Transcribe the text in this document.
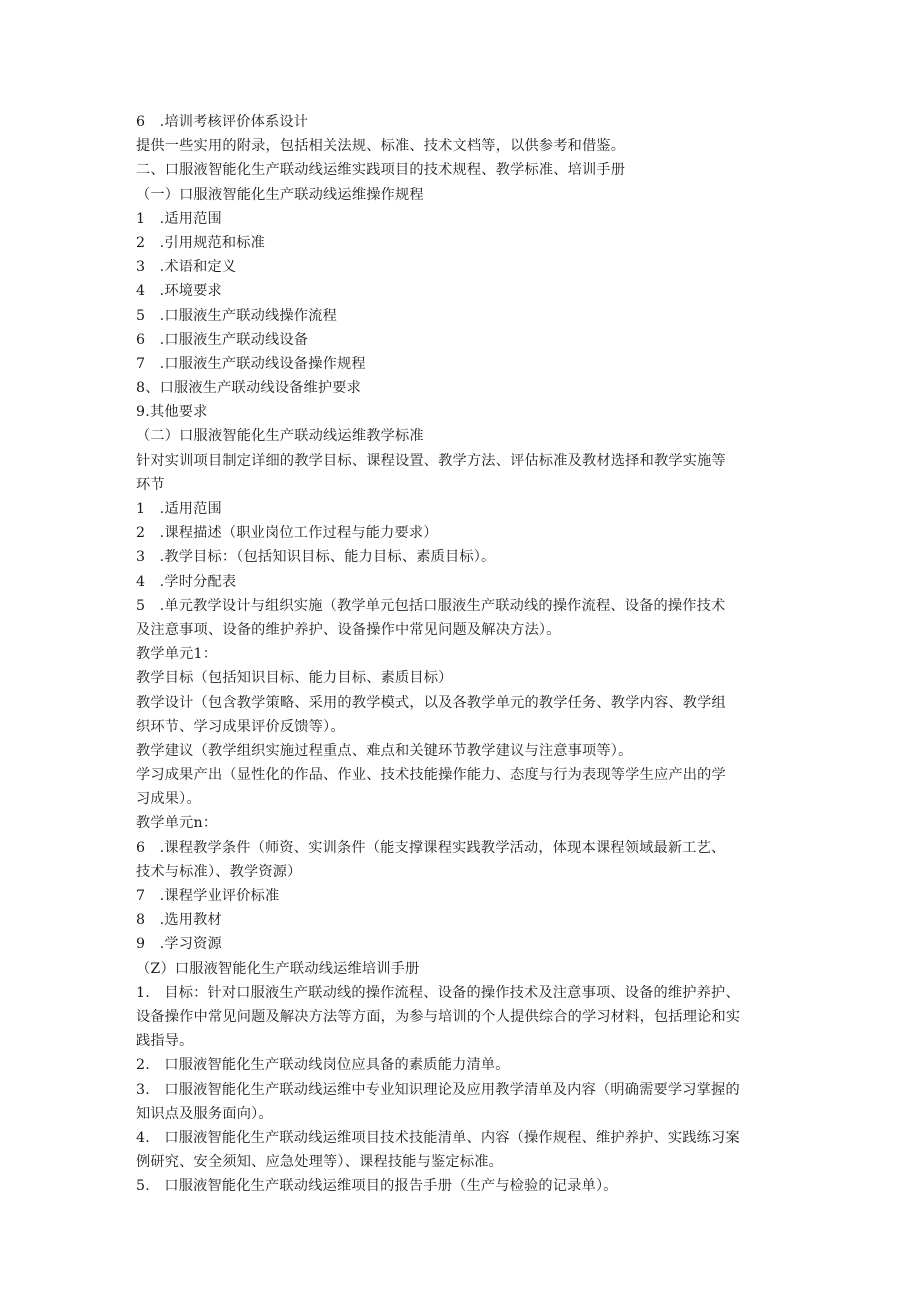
6　.培训考核评价体系设计
提供一些实用的附录，包括相关法规、标准、技术文档等，以供参考和借鉴。
二、口服液智能化生产联动线运维实践项目的技术规程、教学标准、培训手册
（一）口服液智能化生产联动线运维操作规程
1　.适用范围
2　.引用规范和标准
3　.术语和定义
4　.环境要求
5　.口服液生产联动线操作流程
6　.口服液生产联动线设备
7　.口服液生产联动线设备操作规程
8、口服液生产联动线设备维护要求
9.其他要求
（二）口服液智能化生产联动线运维教学标准
针对实训项目制定详细的教学目标、课程设置、教学方法、评估标准及教材选择和教学实施等
环节
1　.适用范围
2　.课程描述（职业岗位工作过程与能力要求）
3　.教学目标：（包括知识目标、能力目标、素质目标）。
4　.学时分配表
5　.单元教学设计与组织实施（教学单元包括口服液生产联动线的操作流程、设备的操作技术
及注意事项、设备的维护养护、设备操作中常见问题及解决方法）。
教学单元1：
教学目标（包括知识目标、能力目标、素质目标）
教学设计（包含教学策略、采用的教学模式，以及各教学单元的教学任务、教学内容、教学组
织环节、学习成果评价反馈等）。
教学建议（教学组织实施过程重点、难点和关键环节教学建议与注意事项等）。
学习成果产出（显性化的作品、作业、技术技能操作能力、态度与行为表现等学生应产出的学
习成果）。
教学单元n：
6　.课程教学条件（师资、实训条件（能支撑课程实践教学活动，体现本课程领域最新工艺、
技术与标准）、教学资源）
7　.课程学业评价标准
8　.选用教材
9　.学习资源
（Z）口服液智能化生产联动线运维培训手册
1.　目标：针对口服液生产联动线的操作流程、设备的操作技术及注意事项、设备的维护养护、
设备操作中常见问题及解决方法等方面，为参与培训的个人提供综合的学习材料，包括理论和实
践指导。
2.　口服液智能化生产联动线岗位应具备的素质能力清单。
3.　口服液智能化生产联动线运维中专业知识理论及应用教学清单及内容（明确需要学习掌握的
知识点及服务面向）。
4.　口服液智能化生产联动线运维项目技术技能清单、内容（操作规程、维护养护、实践练习案
例研究、安全须知、应急处理等）、课程技能与鉴定标准。
5.　口服液智能化生产联动线运维项目的报告手册（生产与检验的记录单）。
